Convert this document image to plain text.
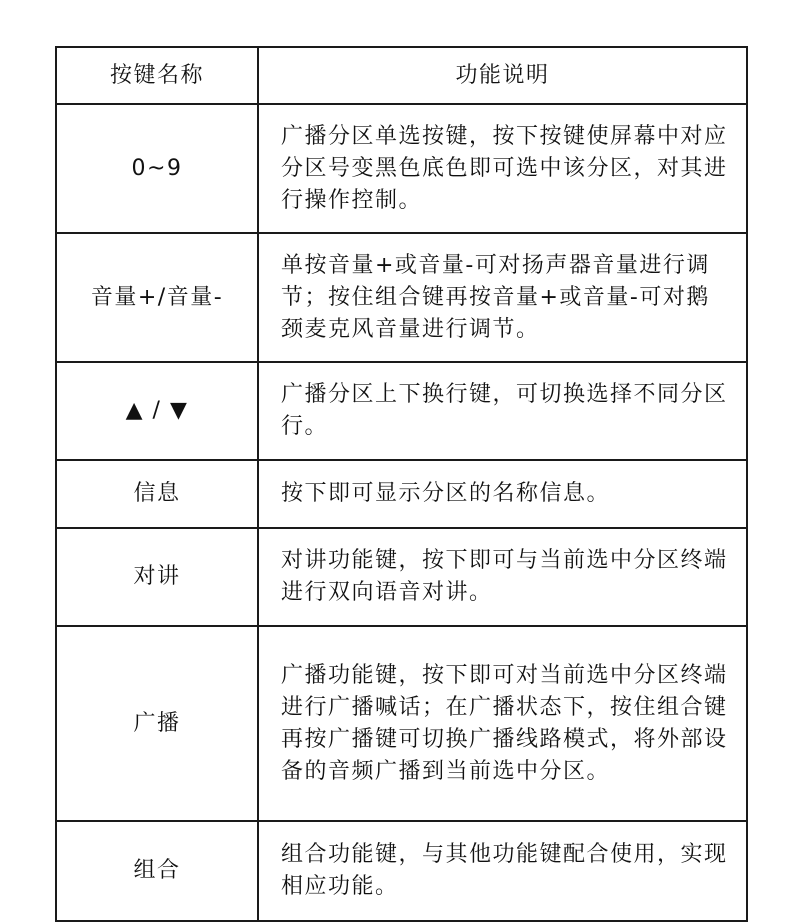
按键名称	功能说明
0~9	广播分区单选按键，按下按键使屏幕中对应分区号变黑色底色即可选中该分区，对其进行操作控制。
音量+/音量-	单按音量+或音量-可对扬声器音量进行调节；按住组合键再按音量+或音量-可对鹅颈麦克风音量进行调节。
▲ / ▼	广播分区上下换行键，可切换选择不同分区行。
信息	按下即可显示分区的名称信息。
对讲	对讲功能键，按下即可与当前选中分区终端进行双向语音对讲。
广播	广播功能键，按下即可对当前选中分区终端进行广播喊话；在广播状态下，按住组合键再按广播键可切换广播线路模式，将外部设备的音频广播到当前选中分区。
组合	组合功能键，与其他功能键配合使用，实现相应功能。
